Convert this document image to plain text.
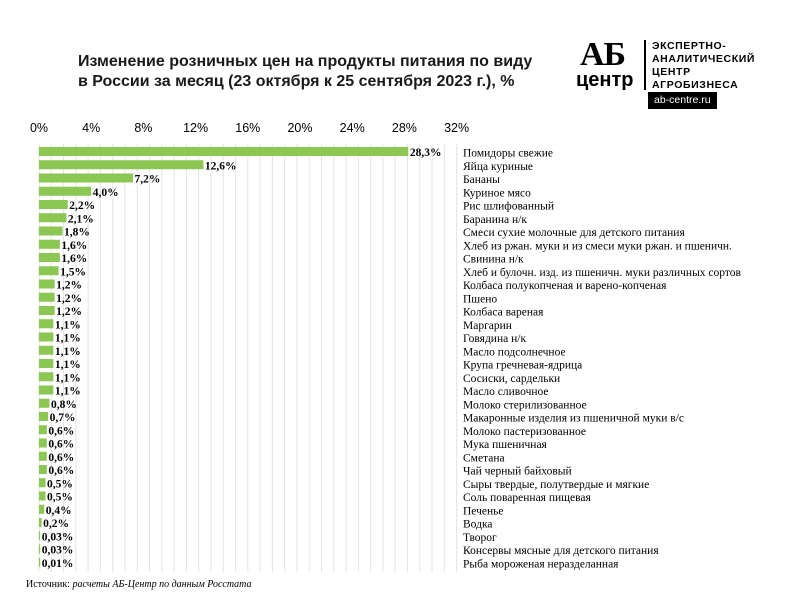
Изменение розничных цен на продукты питания по виду
в России за месяц (23 октября к 25 сентября 2023 г.), %
АБ
центр
ЭКСПЕРТНО-
АНАЛИТИЧЕСКИЙ
ЦЕНТР
АГРОБИЗНЕСА
ab-centre.ru
0%	4%	8% 12% 16% 20% 24% 28% 32%
28,3% Помидоры свежие
12,6%	Яйца куриные
7,2%	Бананы
4,0%	Куриное мясо
2,2%	Рис шлифованный
2,1%	Баранина н/к
1,8%	Смеси сухие молочные для детского питания
1,6%	Хлеб из ржан. муки и из смеси муки ржан. и пшеничн.
1,6%	Свинина н/к
1,5%	Хлеб и булочн. изд. из пшеничн. муки различных сортов
1,2%	Колбаса полукопченая и варено-копченая
1,2%	Пшено
1,2%	Колбаса вареная
1,1%	Маргарин
1,1%	Говядина н/к
1,1%	Масло подсолнечное
1,1%	Крупа гречневая-ядрица
1,1%	Сосиски, сардельки
1,1%	Масло сливочное
0,8%	Молоко стерилизованное
0,7%	Макаронные изделия из пшеничной муки в/с
0,6%	Молоко пастеризованное
0,6%	Мука пшеничная
0,6%	Сметана
0,6%	Чай черный байховый
0,5%	Сыры твердые, полутвердые и мягкие
0,5%	Соль поваренная пищевая
0,4%	Печенье
0,2%	Водка
0,03%	Творог
0,03%	Консервы мясные для детского питания
0,01%	Рыба мороженая неразделанная
Источник: расчеты АБ-Центр по данным Росстата
